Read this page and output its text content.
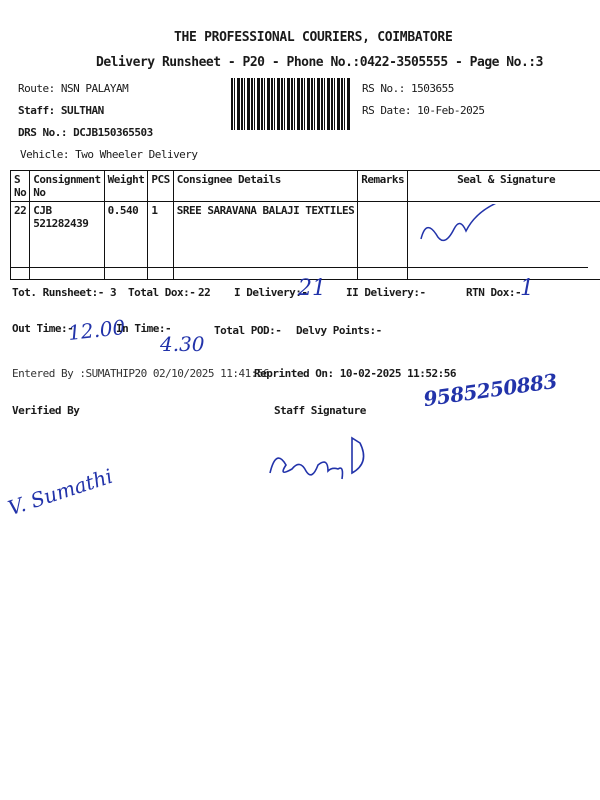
THE PROFESSIONAL COURIERS, COIMBATORE
Delivery Runsheet - P20 - Phone No.:0422-3505555 - Page No.:3
Route: NSN PALAYAM
Staff: SULTHAN
DRS No.: DCJB150365503
Vehicle: Two Wheeler Delivery
RS No.: 1503655
RS Date: 10-Feb-2025
S No	Consignment No	Weight	PCS	Consignee Details	Remarks	Seal & Signature
22	CJB 521282439	0.540	1	SREE SARAVANA BALAJI TEXTILES		9585250883
Tot. Runsheet:- 3 Total Dox:- 22 I Delivery:-
21 II Delivery:-	RTN Dox:-
1
Out Time:-
12.00
In Time:-
4.30
Total POD:- Delvy Points:-
Entered By :SUMATHIP20 02/10/2025 11:41:56
Reprinted On: 10-02-2025 11:52:56
Verified By	Staff Signature
V. Sumathi
